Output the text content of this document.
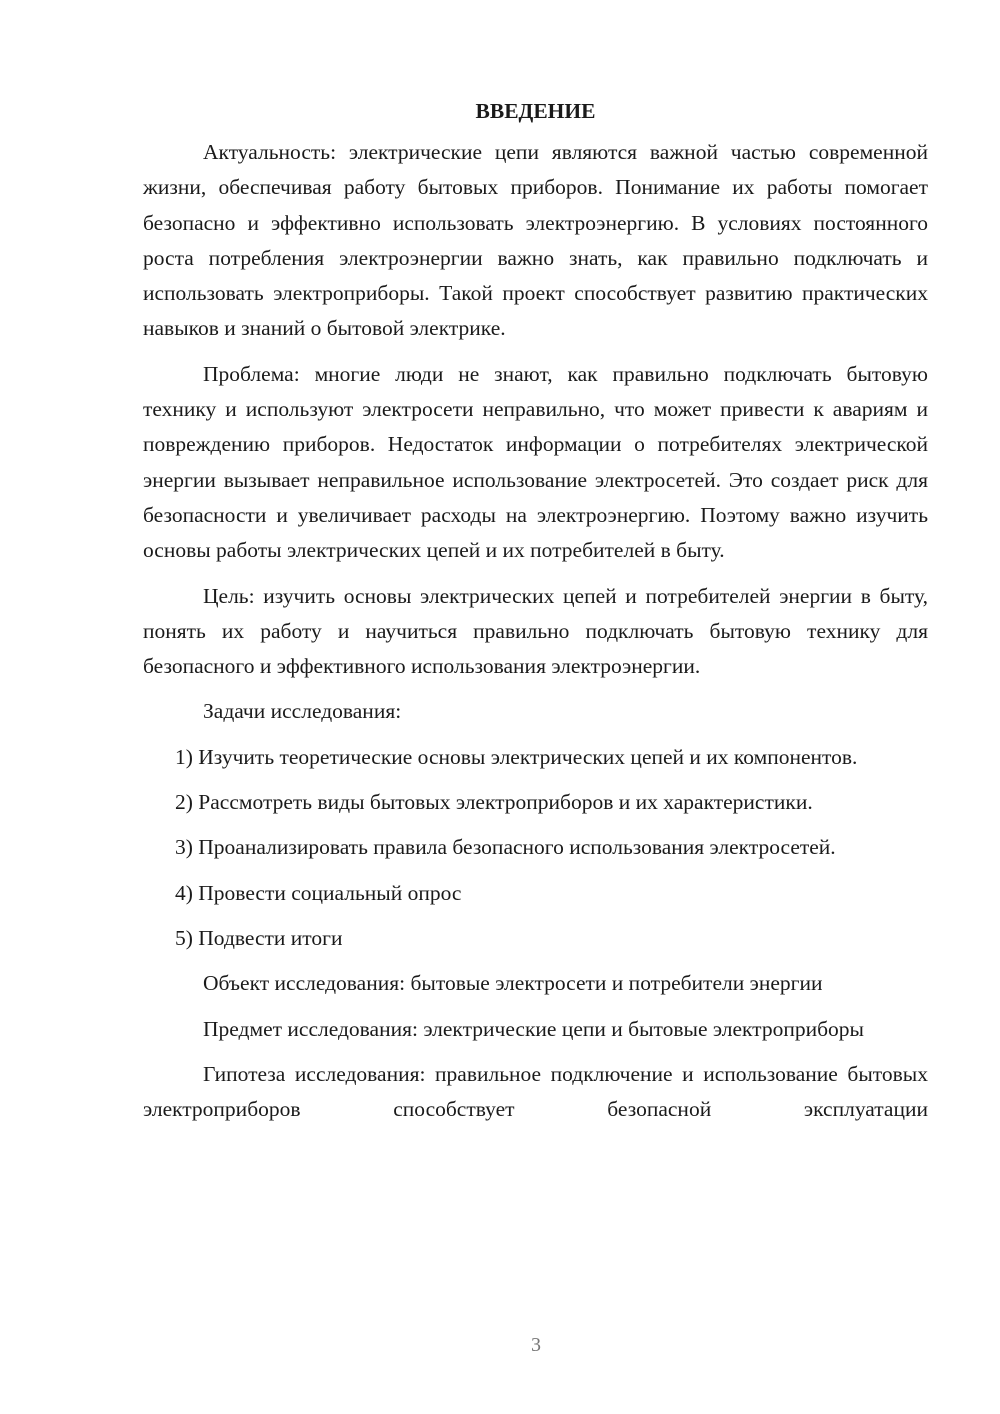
ВВЕДЕНИЕ

Актуальность: электрические цепи являются важной частью современной жизни, обеспечивая работу бытовых приборов. Понимание их работы помогает безопасно и эффективно использовать электроэнергию. В условиях постоянного роста потребления электроэнергии важно знать, как правильно подключать и использовать электроприборы. Такой проект способствует развитию практических навыков и знаний о бытовой электрике.

Проблема: многие люди не знают, как правильно подключать бытовую технику и используют электросети неправильно, что может привести к авариям и повреждению приборов. Недостаток информации о потребителях электрической энергии вызывает неправильное использование электросетей. Это создает риск для безопасности и увеличивает расходы на электроэнергию. Поэтому важно изучить основы работы электрических цепей и их потребителей в быту.

Цель: изучить основы электрических цепей и потребителей энергии в быту, понять их работу и научиться правильно подключать бытовую технику для безопасного и эффективного использования электроэнергии.

Задачи исследования:

1) Изучить теоретические основы электрических цепей и их компонентов.

2) Рассмотреть виды бытовых электроприборов и их характеристики.

3) Проанализировать правила безопасного использования электросетей.

4) Провести социальный опрос

5) Подвести итоги

Объект исследования: бытовые электросети и потребители энергии

Предмет исследования: электрические цепи и бытовые электроприборы

Гипотеза исследования: правильное подключение и использование бытовых электроприборов способствует безопасной эксплуатации

3
